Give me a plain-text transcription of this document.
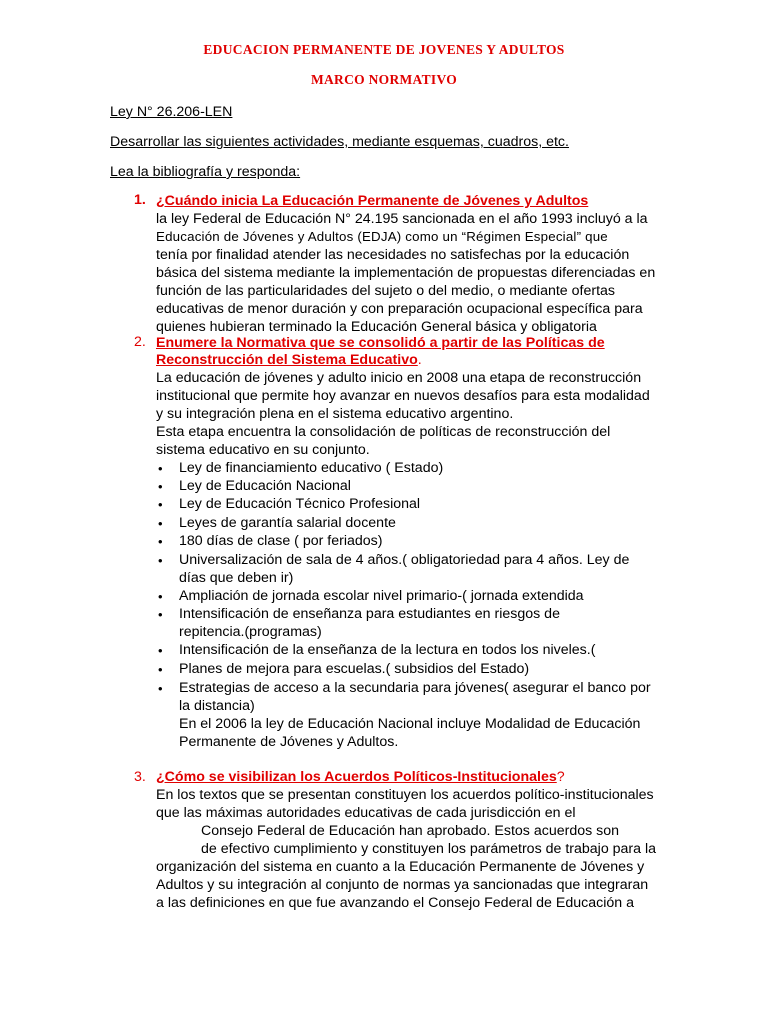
EDUCACION PERMANENTE DE JOVENES Y ADULTOS
MARCO NORMATIVO
Ley N° 26.206-LEN
Desarrollar las siguientes actividades, mediante esquemas, cuadros, etc.
Lea la bibliografía y responda:
1. ¿Cuándo inicia La Educación Permanente de Jóvenes y Adultos
la ley Federal de Educación N° 24.195 sancionada en el año 1993 incluyó a la
Educación de Jóvenes y Adultos (EDJA) como un “Régimen Especial” que
tenía por finalidad atender las necesidades no satisfechas por la educación
básica del sistema mediante la implementación de propuestas diferenciadas en
función de las particularidades del sujeto o del medio, o mediante ofertas
educativas de menor duración y con preparación ocupacional específica para
quienes hubieran terminado la Educación General básica y obligatoria
2. Enumere la Normativa que se consolidó a partir de las Políticas de
Reconstrucción del Sistema Educativo.
La educación de jóvenes y adulto inicio en 2008 una etapa de reconstrucción
institucional que permite hoy avanzar en nuevos desafíos para esta modalidad
y su integración plena en el sistema educativo argentino.
Esta etapa encuentra la consolidación de políticas de reconstrucción del
sistema educativo en su conjunto.
• Ley de financiamiento educativo ( Estado)
• Ley de Educación Nacional
• Ley de Educación Técnico Profesional
• Leyes de garantía salarial docente
• 180 días de clase ( por feriados)
• Universalización de sala de 4 años.( obligatoriedad para 4 años. Ley de
días que deben ir)
• Ampliación de jornada escolar nivel primario-( jornada extendida
• Intensificación de enseñanza para estudiantes en riesgos de
repitencia.(programas)
• Intensificación de la enseñanza de la lectura en todos los niveles.(
• Planes de mejora para escuelas.( subsidios del Estado)
• Estrategias de acceso a la secundaria para jóvenes( asegurar el banco por
la distancia)
En el 2006 la ley de Educación Nacional incluye Modalidad de Educación
Permanente de Jóvenes y Adultos.
3. ¿Cómo se visibilizan los Acuerdos Políticos-Institucionales?
En los textos que se presentan constituyen los acuerdos político-institucionales
que las máximas autoridades educativas de cada jurisdicción en el
Consejo Federal de Educación han aprobado. Estos acuerdos son
de efectivo cumplimiento y constituyen los parámetros de trabajo para la
organización del sistema en cuanto a la Educación Permanente de Jóvenes y
Adultos y su integración al conjunto de normas ya sancionadas que integraran
a las definiciones en que fue avanzando el Consejo Federal de Educación a
